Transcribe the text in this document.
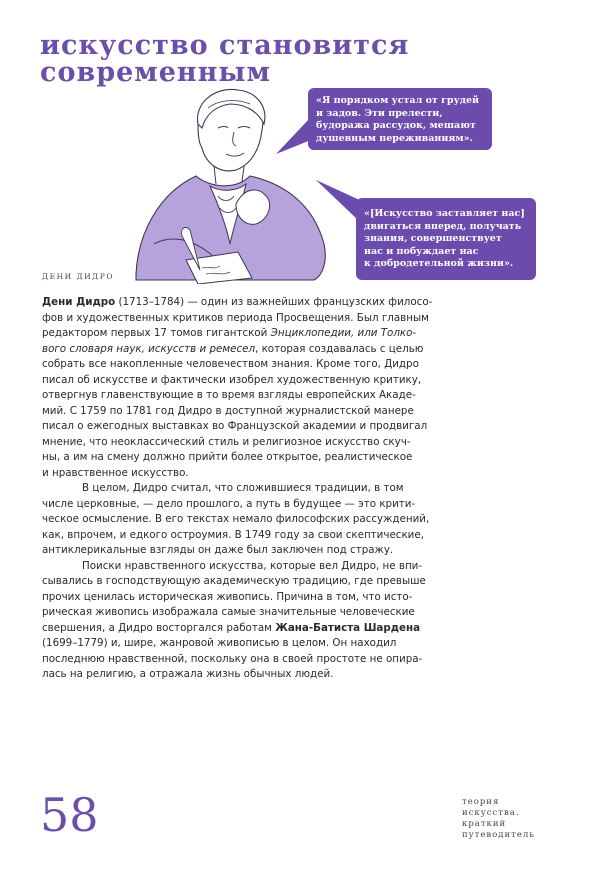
искусство становится
современным
«Я порядком устал от грудей
и задов. Эти прелести,
будоража рассудок, мешают
душевным переживаниям».
«[Искусство заставляет нас]
двигаться вперед, получать
знания, совершенствует
нас и побуждает нас
к добродетельной жизни».
ДЕНИ ДИДРО

Дени Дидро (1713–1784) — один из важнейших французских филосо-
фов и художественных критиков периода Просвещения. Был главным
редактором первых 17 томов гигантской Энциклопедии, или Толко-
вого словаря наук, искусств и ремесел, которая создавалась с целью
собрать все накопленные человечеством знания. Кроме того, Дидро
писал об искусстве и фактически изобрел художественную критику,
отвергнув главенствующие в то время взгляды европейских Акаде-
мий. С 1759 по 1781 год Дидро в доступной журналистской манере
писал о ежегодных выставках во Французской академии и продвигал
мнение, что неоклассический стиль и религиозное искусство скуч-
ны, а им на смену должно прийти более открытое, реалистическое
и нравственное искусство.

В целом, Дидро считал, что сложившиеся традиции, в том
числе церковные, — дело прошлого, а путь в будущее — это крити-
ческое осмысление. В его текстах немало философских рассуждений,
как, впрочем, и едкого остроумия. В 1749 году за свои скептические,
антиклерикальные взгляды он даже был заключен под стражу.

Поиски нравственного искусства, которые вел Дидро, не впи-
сывались в господствующую академическую традицию, где превыше
прочих ценилась историческая живопись. Причина в том, что исто-
рическая живопись изображала самые значительные человеческие
свершения, а Дидро восторгался работам Жана-Батиста Шардена
(1699–1779) и, шире, жанровой живописью в целом. Он находил
последнюю нравственной, поскольку она в своей простоте не опира-
лась на религию, а отражала жизнь обычных людей.

58	теория
искусства.
краткий
путеводитель
